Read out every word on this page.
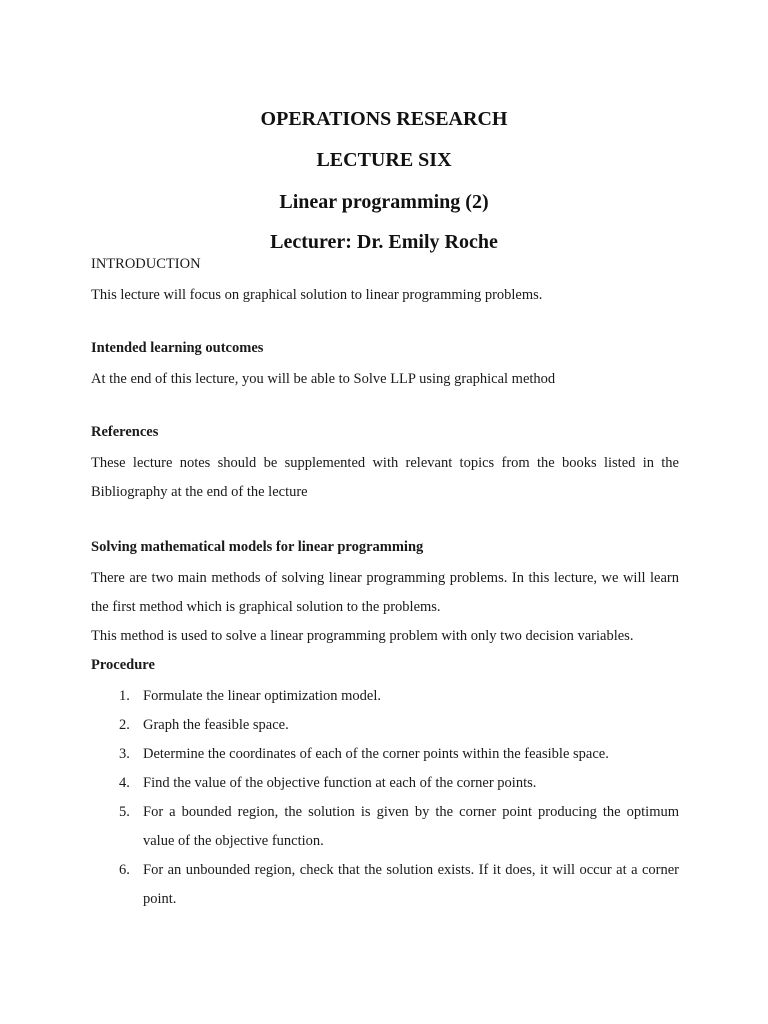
OPERATIONS RESEARCH
LECTURE SIX
Linear programming (2)
Lecturer: Dr. Emily Roche
INTRODUCTION
This lecture will focus on graphical solution to linear programming problems.
Intended learning outcomes
At the end of this lecture, you will be able to Solve LLP using graphical method
References
These lecture notes should be supplemented with relevant topics from the books listed in the Bibliography at the end of the lecture
Solving mathematical models for linear programming
There are two main methods of solving linear programming problems. In this lecture, we will learn the first method which is graphical solution to the problems.
This method is used to solve a linear programming problem with only two decision variables.
Procedure
1. Formulate the linear optimization model.
2. Graph the feasible space.
3. Determine the coordinates of each of the corner points within the feasible space.
4. Find the value of the objective function at each of the corner points.
5. For a bounded region, the solution is given by the corner point producing the optimum value of the objective function.
6. For an unbounded region, check that the solution exists. If it does, it will occur at a corner point.
